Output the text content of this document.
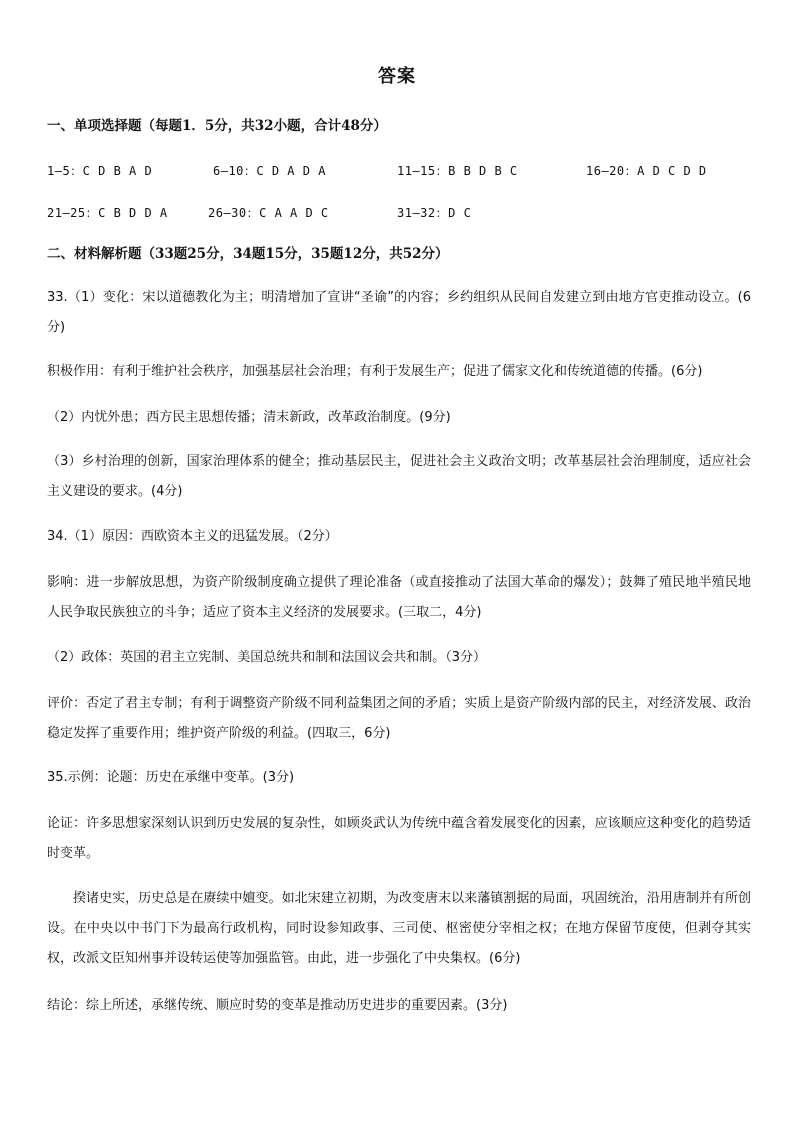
答案
一、单项选择题（每题1．5分，共32小题，合计48分）
1—5：C D B A D	6—10：C D A D A	11—15：B B D B C	16—20：A D C D D
21—25：C B D D A	26—30：C A A D C	31—32：D C
二、材料解析题（33题25分，34题15分，35题12分，共52分）
33.（1）变化：宋以道德教化为主；明清增加了宣讲“圣谕”的内容；乡约组织从民间自发建立到由地方官吏推动设立。(6分)
积极作用：有利于维护社会秩序，加强基层社会治理；有利于发展生产；促进了儒家文化和传统道德的传播。(6分)
（2）内忧外患；西方民主思想传播；清末新政，改革政治制度。(9分)
（3）乡村治理的创新，国家治理体系的健全；推动基层民主，促进社会主义政治文明；改革基层社会治理制度，适应社会主义建设的要求。(4分)
34.（1）原因：西欧资本主义的迅猛发展。（2分）
影响：进一步解放思想，为资产阶级制度确立提供了理论准备（或直接推动了法国大革命的爆发）；鼓舞了殖民地半殖民地人民争取民族独立的斗争；适应了资本主义经济的发展要求。(三取二，4分)
（2）政体：英国的君主立宪制、美国总统共和制和法国议会共和制。（3分）
评价：否定了君主专制；有利于调整资产阶级不同利益集团之间的矛盾；实质上是资产阶级内部的民主，对经济发展、政治稳定发挥了重要作用；维护资产阶级的利益。(四取三，6分)
35.示例：论题：历史在承继中变革。(3分)
论证：许多思想家深刻认识到历史发展的复杂性，如顾炎武认为传统中蕴含着发展变化的因素，应该顺应这种变化的趋势适时变革。
揆诸史实，历史总是在赓续中嬗变。如北宋建立初期，为改变唐末以来藩镇割据的局面，巩固统治，沿用唐制并有所创设。在中央以中书门下为最高行政机构，同时设参知政事、三司使、枢密使分宰相之权；在地方保留节度使，但剥夺其实权，改派文臣知州事并设转运使等加强监管。由此，进一步强化了中央集权。(6分)
结论：综上所述，承继传统、顺应时势的变革是推动历史进步的重要因素。(3分)
